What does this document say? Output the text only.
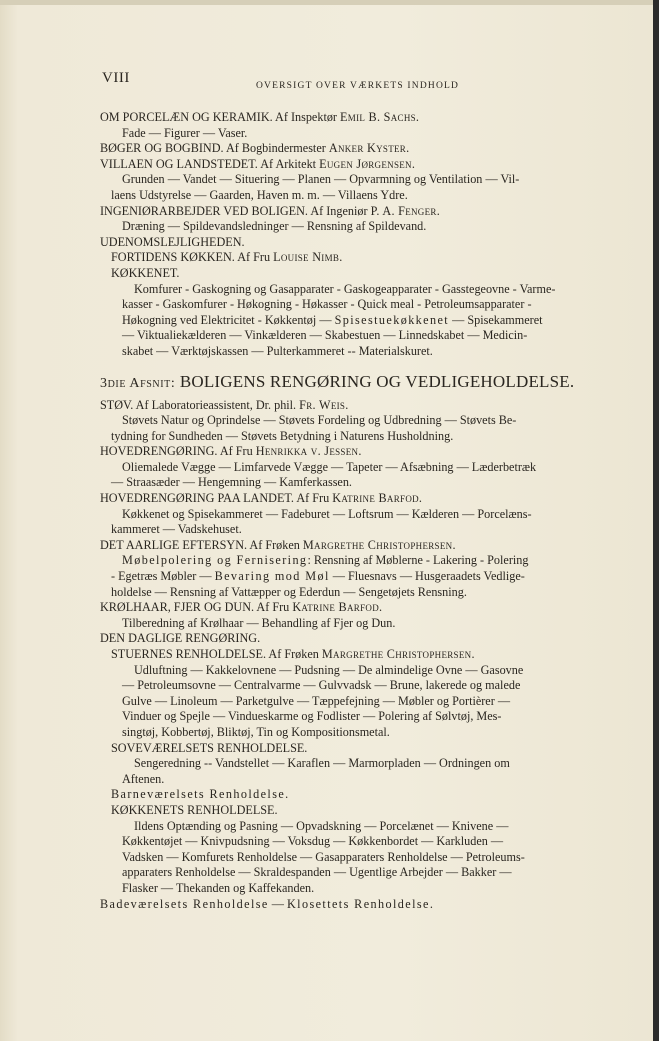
VIII	OVERSIGT OVER VÆRKETS INDHOLD
OM PORCELÆN OG KERAMIK. Af Inspektør Emil B. Sachs.
Fade — Figurer — Vaser.
BØGER OG BOGBIND. Af Bogbindermester Anker Kyster.
VILLAEN OG LANDSTEDET. Af Arkitekt Eugen Jørgensen.
Grunden — Vandet — Situering — Planen — Opvarmning og Ventilation — Vil-
laens Udstyrelse — Gaarden, Haven m. m. — Villaens Ydre.
INGENIØRARBEJDER VED BOLIGEN. Af Ingeniør P. A. Fenger.
Dræning — Spildevandsledninger — Rensning af Spildevand.
UDENOMSLEJLIGHEDEN.
FORTIDENS KØKKEN. Af Fru Louise Nimb.
KØKKENET.
Komfurer - Gaskogning og Gasapparater - Gaskogeapparater - Gasstegeovne - Varme-
kasser - Gaskomfurer - Høkogning - Høkasser - Quick meal - Petroleumsapparater -
Høkogning ved Elektricitet - Køkkentøj — Spisestuekøkkenet — Spisekammeret
— Viktualiekælderen — Vinkælderen — Skabestuen — Linnedskabet — Medicin-
skabet — Værktøjskassen — Pulterkammeret -- Materialskuret.
3die Afsnit: BOLIGENS RENGØRING OG VEDLIGEHOLDELSE.
STØV. Af Laboratorieassistent, Dr. phil. Fr. Weis.
Støvets Natur og Oprindelse — Støvets Fordeling og Udbredning — Støvets Be-
tydning for Sundheden — Støvets Betydning i Naturens Husholdning.
HOVEDRENGØRING. Af Fru Henrikka v. Jessen.
Oliemalede Vægge — Limfarvede Vægge — Tapeter — Afsæbning — Læderbetræk
— Straasæder — Hengemning — Kamferkassen.
HOVEDRENGØRING PAA LANDET. Af Fru Katrine Barfod.
Køkkenet og Spisekammeret — Fadeburet — Loftsrum — Kælderen — Porcelæns-
kammeret — Vadskehuset.
DET AARLIGE EFTERSYN. Af Frøken Margrethe Christophersen.
Møbelpolering og Fernisering: Rensning af Møblerne - Lakering - Polering
- Egetræs Møbler — Bevaring mod Møl — Fluesnavs — Husgeraadets Vedlige-
holdelse — Rensning af Vattæpper og Ederdun — Sengetøjets Rensning.
KRØLHAAR, FJER OG DUN. Af Fru Katrine Barfod.
Tilberedning af Krølhaar — Behandling af Fjer og Dun.
DEN DAGLIGE RENGØRING.
STUERNES RENHOLDELSE. Af Frøken Margrethe Christophersen.
Udluftning — Kakkelovnene — Pudsning — De almindelige Ovne — Gasovne
— Petroleumsovne — Centralvarme — Gulvvadsk — Brune, lakerede og malede
Gulve — Linoleum — Parketgulve — Tæppefejning — Møbler og Portièrer —
Vinduer og Spejle — Vindueskarme og Fodlister — Polering af Sølvtøj, Mes-
singtøj, Kobbertøj, Bliktøj, Tin og Kompositionsmetal.
SOVEVÆRELSETS RENHOLDELSE.
Sengeredning -- Vandstellet — Karaflen — Marmorpladen — Ordningen om
Aftenen.
Barneværelsets Renholdelse.
KØKKENETS RENHOLDELSE.
Ildens Optænding og Pasning — Opvadskning — Porcelænet — Knivene —
Køkkentøjet — Knivpudsning — Voksdug — Køkkenbordet — Karkluden —
Vadsken — Komfurets Renholdelse — Gasapparaters Renholdelse — Petroleums-
apparaters Renholdelse — Skraldespanden — Ugentlige Arbejder — Bakker —
Flasker — Thekanden og Kaffekanden.
Badeværelsets Renholdelse — Klosettets Renholdelse.
